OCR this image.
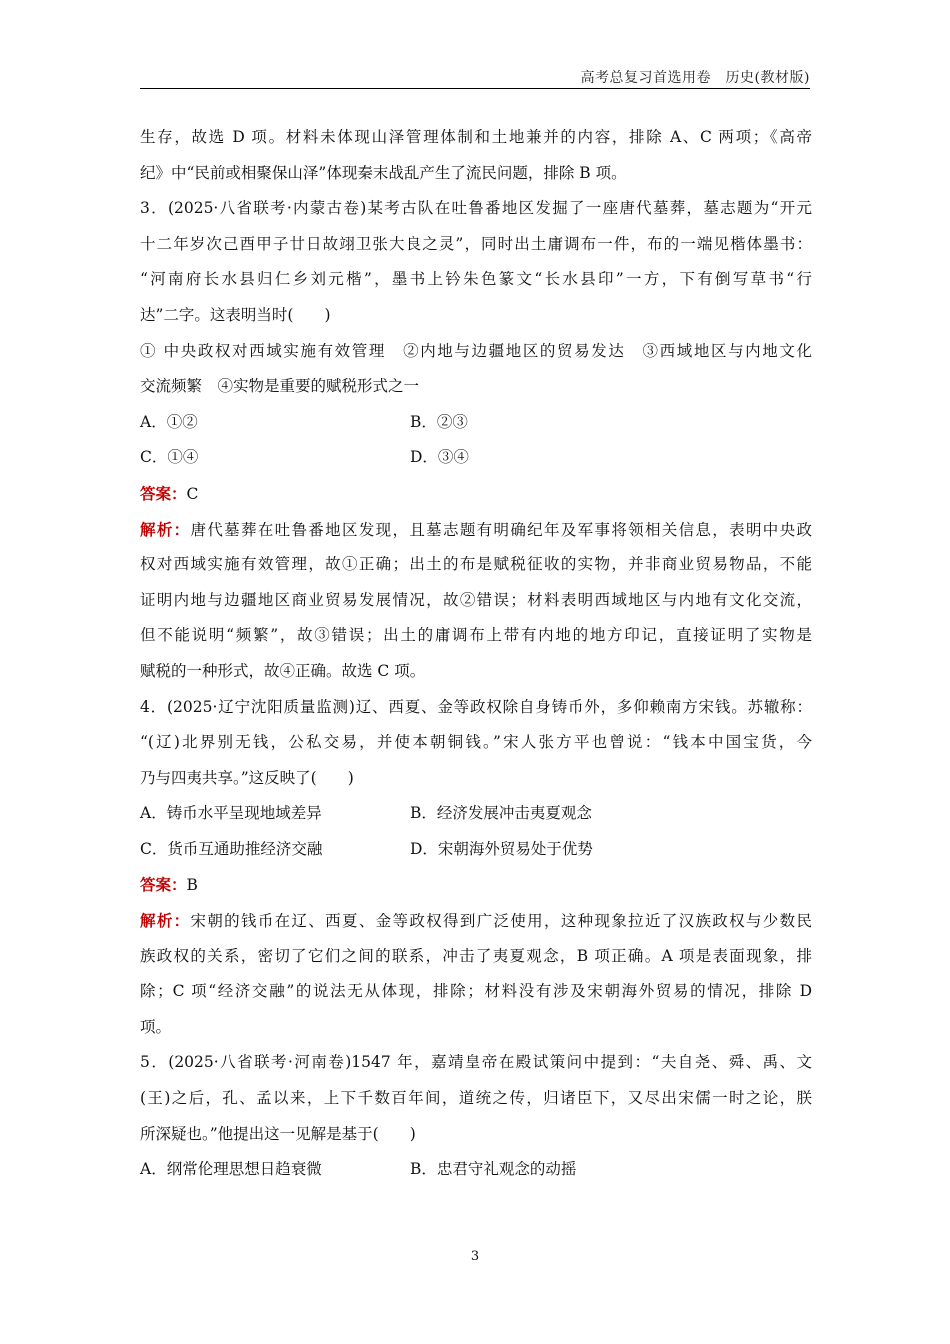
高考总复习首选用卷　历史(教材版)
生存，故选 D 项。材料未体现山泽管理体制和土地兼并的内容，排除 A、C 两项；《高帝
纪》中“民前或相聚保山泽”体现秦末战乱产生了流民问题，排除 B 项。
3．(2025·八省联考·内蒙古卷)某考古队在吐鲁番地区发掘了一座唐代墓葬，墓志题为“开元
十二年岁次己酉甲子廿日故翊卫张大良之灵”，同时出土庸调布一件，布的一端见楷体墨书：
“河南府长水县归仁乡刘元楷”，墨书上钤朱色篆文“长水县印”一方，下有倒写草书“行
达”二字。这表明当时(　　)
① 中央政权对西域实施有效管理　②内地与边疆地区的贸易发达　③西域地区与内地文化
交流频繁　④实物是重要的赋税形式之一
A．①②	B．②③
C．①④	D．③④
答案：C
解析：唐代墓葬在吐鲁番地区发现，且墓志题有明确纪年及军事将领相关信息，表明中央政
权对西域实施有效管理，故①正确；出土的布是赋税征收的实物，并非商业贸易物品，不能
证明内地与边疆地区商业贸易发展情况，故②错误；材料表明西域地区与内地有文化交流，
但不能说明“频繁”，故③错误；出土的庸调布上带有内地的地方印记，直接证明了实物是
赋税的一种形式，故④正确。故选 C 项。
4．(2025·辽宁沈阳质量监测)辽、西夏、金等政权除自身铸币外，多仰赖南方宋钱。苏辙称：
“(辽)北界别无钱，公私交易，并使本朝铜钱。”宋人张方平也曾说：“钱本中国宝货，今
乃与四夷共享。”这反映了(　　)
A．铸币水平呈现地域差异	B．经济发展冲击夷夏观念
C．货币互通助推经济交融	D．宋朝海外贸易处于优势
答案：B
解析：宋朝的钱币在辽、西夏、金等政权得到广泛使用，这种现象拉近了汉族政权与少数民
族政权的关系，密切了它们之间的联系，冲击了夷夏观念，B 项正确。A 项是表面现象，排
除；C 项“经济交融”的说法无从体现，排除；材料没有涉及宋朝海外贸易的情况，排除 D
项。
5．(2025·八省联考·河南卷)1547 年，嘉靖皇帝在殿试策问中提到：“夫自尧、舜、禹、文
(王)之后，孔、孟以来，上下千数百年间，道统之传，归诸臣下，又尽出宋儒一时之论，朕
所深疑也。”他提出这一见解是基于(　　)
A．纲常伦理思想日趋衰微	B．忠君守礼观念的动摇
3
